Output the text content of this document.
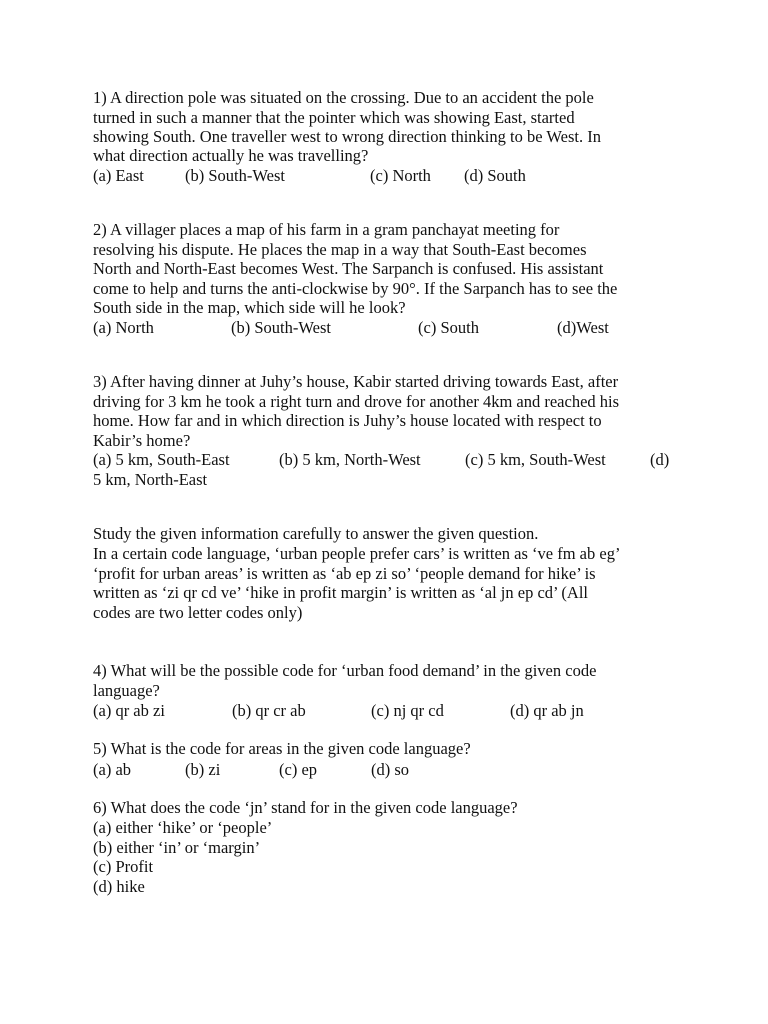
1) A direction pole was situated on the crossing. Due to an accident the pole
turned in such a manner that the pointer which was showing East, started
showing South. One traveller west to wrong direction thinking to be West. In
what direction actually he was travelling?
(a) East (b) South-West	(c) North (d) South
2) A villager places a map of his farm in a gram panchayat meeting for
resolving his dispute. He places the map in a way that South-East becomes
North and North-East becomes West. The Sarpanch is confused. His assistant
come to help and turns the anti-clockwise by 90°. If the Sarpanch has to see the
South side in the map, which side will he look?
(a) North	(b) South-West	(c) South	(d)West
3) After having dinner at Juhy’s house, Kabir started driving towards East, after
driving for 3 km he took a right turn and drove for another 4km and reached his
home. How far and in which direction is Juhy’s house located with respect to
Kabir’s home?
(a) 5 km, South-East	(b) 5 km, North-West	(c) 5 km, South-West	(d)
5 km, North-East
Study the given information carefully to answer the given question.
In a certain code language, ‘urban people prefer cars’ is written as ‘ve fm ab eg’
‘profit for urban areas’ is written as ‘ab ep zi so’ ‘people demand for hike’ is
written as ‘zi qr cd ve’ ‘hike in profit margin’ is written as ‘al jn ep cd’ (All
codes are two letter codes only)
4) What will be the possible code for ‘urban food demand’ in the given code
language?
(a) qr ab zi	(b) qr cr ab	(c) nj qr cd	(d) qr ab jn
5) What is the code for areas in the given code language?
(a) ab	(b) zi	(c) ep	(d) so
6) What does the code ‘jn’ stand for in the given code language?
(a) either ‘hike’ or ‘people’
(b) either ‘in’ or ‘margin’
(c) Profit
(d) hike
